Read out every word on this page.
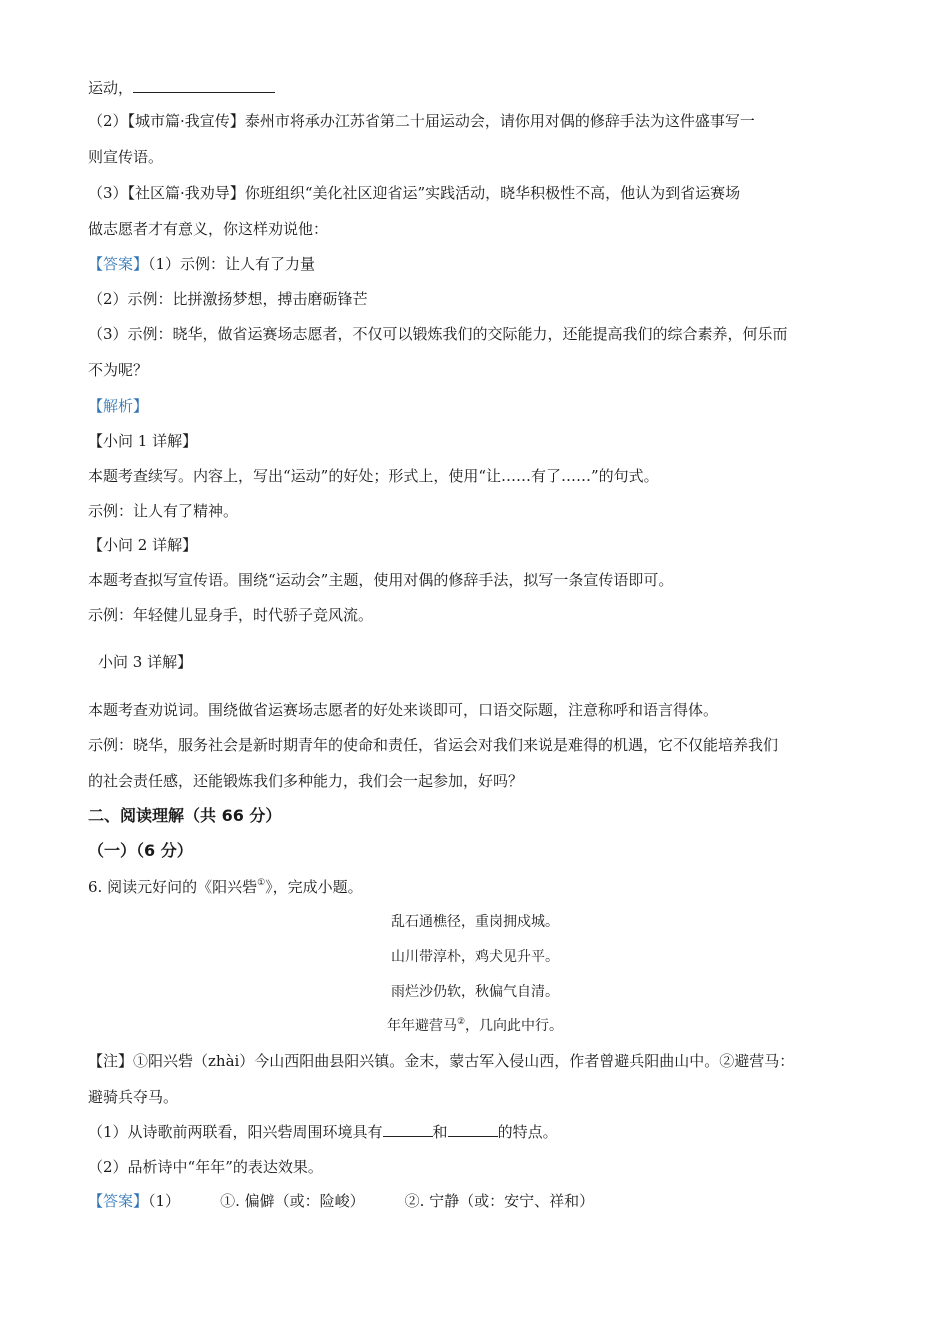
运动，
（2）【城市篇·我宣传】泰州市将承办江苏省第二十届运动会，请你用对偶的修辞手法为这件盛事写一
则宣传语。
（3）【社区篇·我劝导】你班组织“美化社区迎省运”实践活动，晓华积极性不高，他认为到省运赛场
做志愿者才有意义，你这样劝说他：
【答案】（1）示例：让人有了力量
（2）示例：比拼激扬梦想，搏击磨砺锋芒
（3）示例：晓华，做省运赛场志愿者，不仅可以锻炼我们的交际能力，还能提高我们的综合素养，何乐而
不为呢？
【解析】
【小问 1 详解】
本题考查续写。内容上，写出“运动”的好处；形式上，使用“让……有了……”的句式。
示例：让人有了精神。
【小问 2 详解】
本题考查拟写宣传语。围绕“运动会”主题，使用对偶的修辞手法，拟写一条宣传语即可。
示例：年轻健儿显身手，时代骄子竞风流。
小问 3 详解】
本题考查劝说词。围绕做省运赛场志愿者的好处来谈即可，口语交际题，注意称呼和语言得体。
示例：晓华，服务社会是新时期青年的使命和责任，省运会对我们来说是难得的机遇，它不仅能培养我们
的社会责任感，还能锻炼我们多种能力，我们会一起参加，好吗？
二、阅读理解（共 66 分）
（一）（6 分）
6. 阅读元好问的《阳兴砦①》，完成小题。
乱石通樵径，重岗拥戍城。
山川带淳朴，鸡犬见升平。
雨烂沙仍软，秋偏气自清。
年年避营马②，几向此中行。
【注】①阳兴砦（zhài）今山西阳曲县阳兴镇。金末，蒙古军入侵山西，作者曾避兵阳曲山中。②避营马：
避骑兵夺马。
（1）从诗歌前两联看，阳兴砦周围环境具有	和	的特点。
（2）品析诗中“年年”的表达效果。
【答案】（1）	①. 偏僻（或：险峻）	②. 宁静（或：安宁、祥和）
